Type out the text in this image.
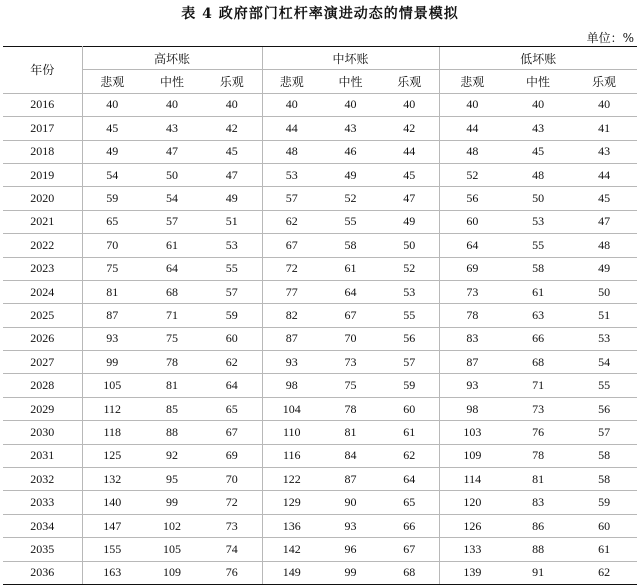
表 4 政府部门杠杆率演进动态的情景模拟
单位：%
年份	高坏账			中坏账			低坏账		
	悲观	中性	乐观	悲观	中性	乐观	悲观	中性	乐观
2016	40	40	40	40	40	40	40	40	40
2017	45	43	42	44	43	42	44	43	41
2018	49	47	45	48	46	44	48	45	43
2019	54	50	47	53	49	45	52	48	44
2020	59	54	49	57	52	47	56	50	45
2021	65	57	51	62	55	49	60	53	47
2022	70	61	53	67	58	50	64	55	48
2023	75	64	55	72	61	52	69	58	49
2024	81	68	57	77	64	53	73	61	50
2025	87	71	59	82	67	55	78	63	51
2026	93	75	60	87	70	56	83	66	53
2027	99	78	62	93	73	57	87	68	54
2028	105	81	64	98	75	59	93	71	55
2029	112	85	65	104	78	60	98	73	56
2030	118	88	67	110	81	61	103	76	57
2031	125	92	69	116	84	62	109	78	58
2032	132	95	70	122	87	64	114	81	58
2033	140	99	72	129	90	65	120	83	59
2034	147	102	73	136	93	66	126	86	60
2035	155	105	74	142	96	67	133	88	61
2036	163	109	76	149	99	68	139	91	62
